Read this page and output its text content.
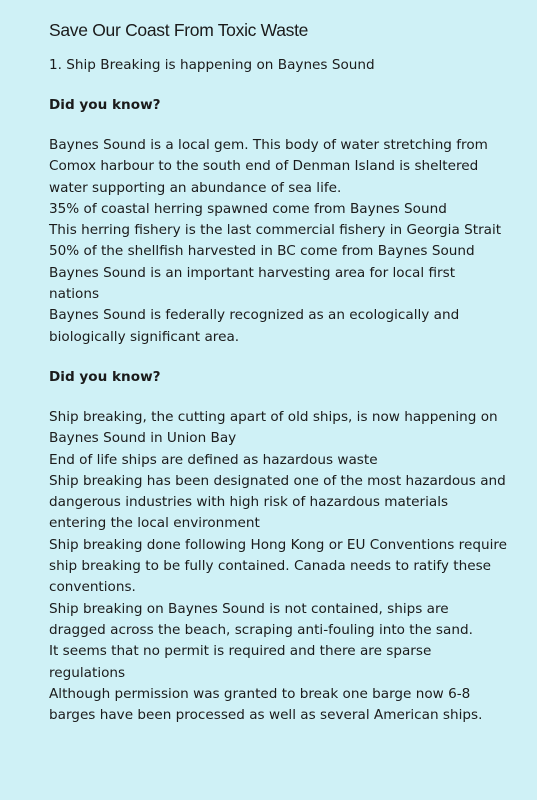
Save Our Coast From Toxic Waste

1. Ship Breaking is happening on Baynes Sound

Did you know?

Baynes Sound is a local gem. This body of water stretching from Comox harbour to the south end of Denman Island is sheltered water supporting an abundance of sea life.

35% of coastal herring spawned come from Baynes Sound

This herring fishery is the last commercial fishery in Georgia Strait

50% of the shellfish harvested in BC come from Baynes Sound

Baynes Sound is an important harvesting area for local first nations

Baynes Sound is federally recognized as an ecologically and biologically significant area.

Did you know?

Ship breaking, the cutting apart of old ships, is now happening on Baynes Sound in Union Bay

End of life ships are defined as hazardous waste

Ship breaking has been designated one of the most hazardous and dangerous industries with high risk of hazardous materials entering the local environment

Ship breaking done following Hong Kong or EU Conventions require ship breaking to be fully contained. Canada needs to ratify these conventions.

Ship breaking on Baynes Sound is not contained, ships are dragged across the beach, scraping anti-fouling into the sand.

It seems that no permit is required and there are sparse regulations

Although permission was granted to break one barge now 6-8 barges have been processed as well as several American ships.
